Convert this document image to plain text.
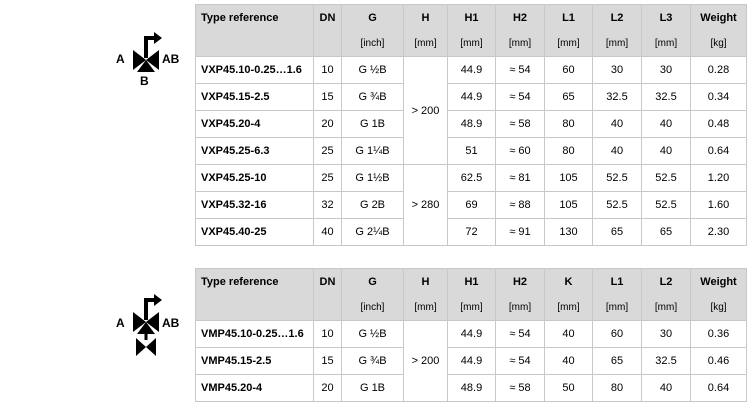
A	AB
B
A	AB
Type reference	DN	G	H	H1	H2	L1	L2	L3	Weight
		[inch]	[mm]	[mm]	[mm]	[mm]	[mm]	[mm]	[kg]
VXP45.10-0.25…1.6	10	G ½B	> 200	44.9	≈ 54	60	30	30	0.28
VXP45.15-2.5	15	G ¾B		44.9	≈ 54	65	32.5	32.5	0.34
VXP45.20-4	20	G 1B		48.9	≈ 58	80	40	40	0.48
VXP45.25-6.3	25	G 1¼B		51	≈ 60	80	40	40	0.64
VXP45.25-10	25	G 1½B	> 280	62.5	≈ 81	105	52.5	52.5	1.20
VXP45.32-16	32	G 2B		69	≈ 88	105	52.5	52.5	1.60
VXP45.40-25	40	G 2¼B		72	≈ 91	130	65	65	2.30
Type reference	DN	G	H	H1	H2	K	L1	L2	Weight
		[inch]	[mm]	[mm]	[mm]	[mm]	[mm]	[mm]	[kg]
VMP45.10-0.25…1.6	10	G ½B	> 200	44.9	≈ 54	40	60	30	0.36
VMP45.15-2.5	15	G ¾B		44.9	≈ 54	40	65	32.5	0.46
VMP45.20-4	20	G 1B		48.9	≈ 58	50	80	40	0.64
